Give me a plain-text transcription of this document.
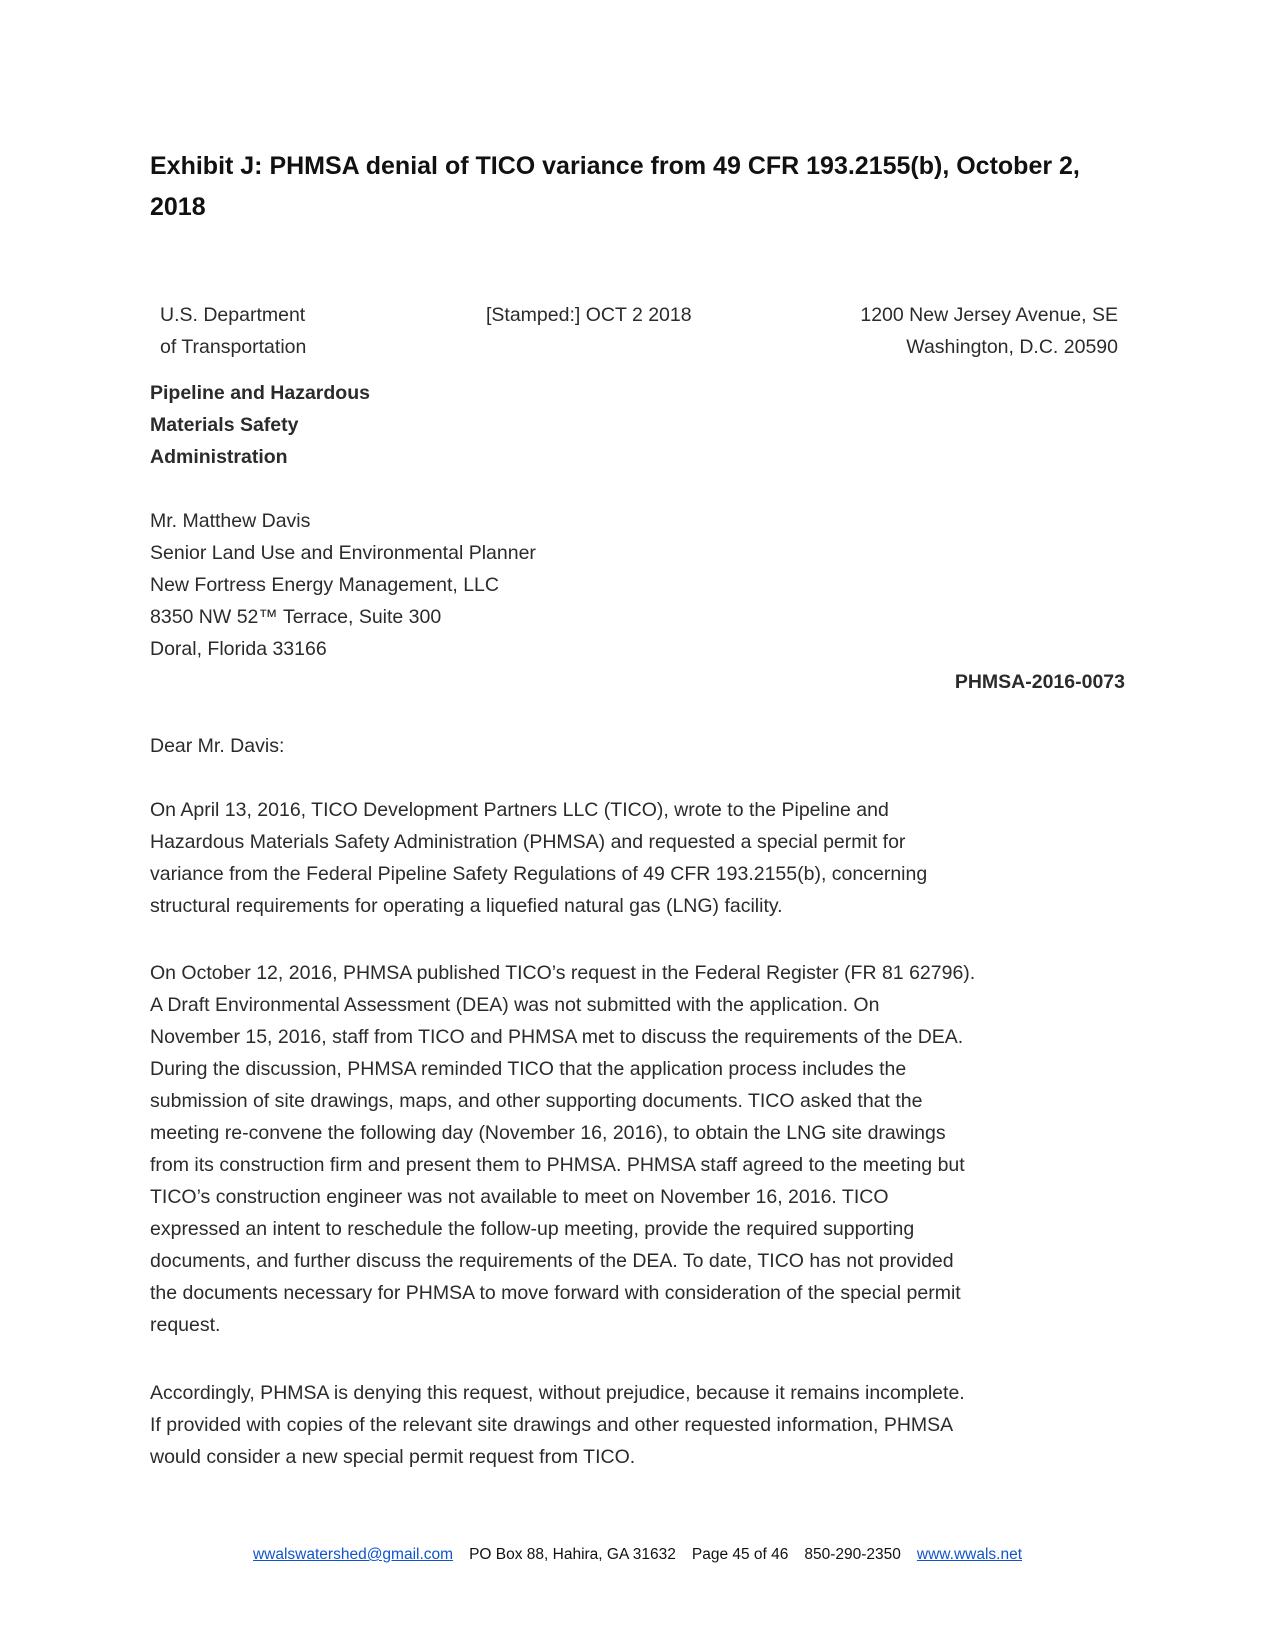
Exhibit J: PHMSA denial of TICO variance from 49 CFR 193.2155(b), October 2, 2018
U.S. Department
of Transportation
[Stamped:] OCT 2 2018	1200 New Jersey Avenue, SE
Washington, D.C. 20590
Pipeline and Hazardous
Materials Safety
Administration
Mr. Matthew Davis
Senior Land Use and Environmental Planner
New Fortress Energy Management, LLC
8350 NW 52™ Terrace, Suite 300
Doral, Florida 33166
PHMSA-2016-0073
Dear Mr. Davis:
On April 13, 2016, TICO Development Partners LLC (TICO), wrote to the Pipeline and
Hazardous Materials Safety Administration (PHMSA) and requested a special permit for
variance from the Federal Pipeline Safety Regulations of 49 CFR 193.2155(b), concerning
structural requirements for operating a liquefied natural gas (LNG) facility.
On October 12, 2016, PHMSA published TICO’s request in the Federal Register (FR 81 62796).
A Draft Environmental Assessment (DEA) was not submitted with the application. On
November 15, 2016, staff from TICO and PHMSA met to discuss the requirements of the DEA.
During the discussion, PHMSA reminded TICO that the application process includes the
submission of site drawings, maps, and other supporting documents. TICO asked that the
meeting re-convene the following day (November 16, 2016), to obtain the LNG site drawings
from its construction firm and present them to PHMSA. PHMSA staff agreed to the meeting but
TICO’s construction engineer was not available to meet on November 16, 2016. TICO
expressed an intent to reschedule the follow-up meeting, provide the required supporting
documents, and further discuss the requirements of the DEA. To date, TICO has not provided
the documents necessary for PHMSA to move forward with consideration of the special permit
request.
Accordingly, PHMSA is denying this request, without prejudice, because it remains incomplete.
If provided with copies of the relevant site drawings and other requested information, PHMSA
would consider a new special permit request from TICO.
wwalswatershed@gmail.com PO Box 88, Hahira, GA 31632 Page 45 of 46 850-290-2350 www.wwals.net
